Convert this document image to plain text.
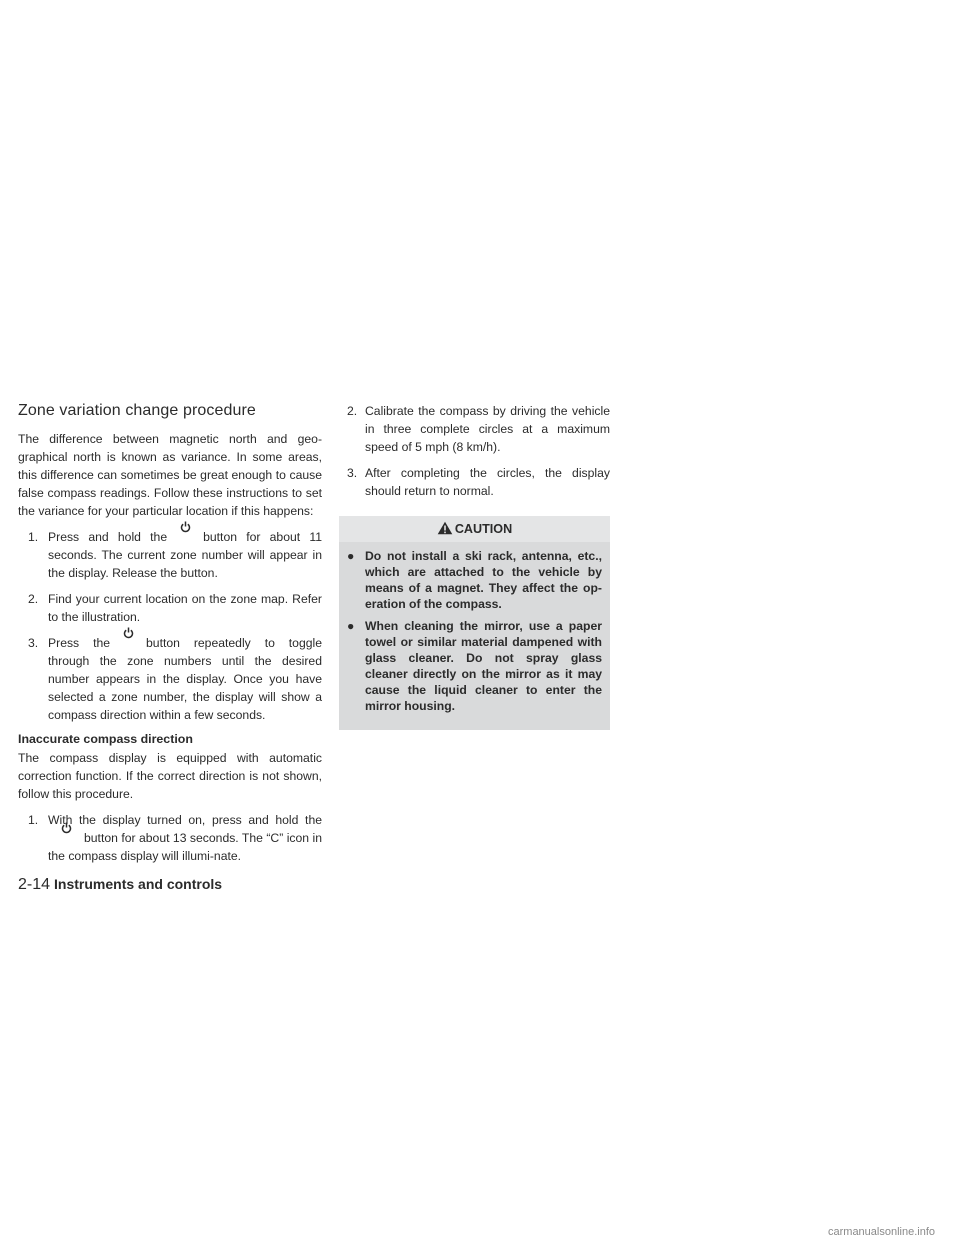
Zone variation change procedure

The difference between magnetic north and geo-graphical north is known as variance. In some areas, this difference can sometimes be great enough to cause false compass readings. Follow these instructions to set the variance for your particular location if this happens:

1. Press and hold the	button for about 11 seconds. The current zone number will appear in the display. Release the button.
2. Find your current location on the zone map. Refer to the illustration.
3. Press the	button repeatedly to toggle through the zone numbers until the desired number appears in the display. Once you have selected a zone number, the display will show a compass direction within a few seconds.
Inaccurate compass direction

The compass display is equipped with automatic correction function. If the correct direction is not shown, follow this procedure.

1. With the display turned on, press and hold the
button for about 13 seconds. The “C” icon in the compass display will illumi-nate.
2. Calibrate the compass by driving the vehicle in three complete circles at a maximum speed of 5 mph (8 km/h).
3. After completing the circles, the display should return to normal.
CAUTION
● Do not install a ski rack, antenna, etc., which are attached to the vehicle by means of a magnet. They affect the op-eration of the compass.
● When cleaning the mirror, use a paper towel or similar material dampened with glass cleaner. Do not spray glass cleaner directly on the mirror as it may cause the liquid cleaner to enter the mirror housing.
2-14 Instruments and controls
carmanualsonline.info
